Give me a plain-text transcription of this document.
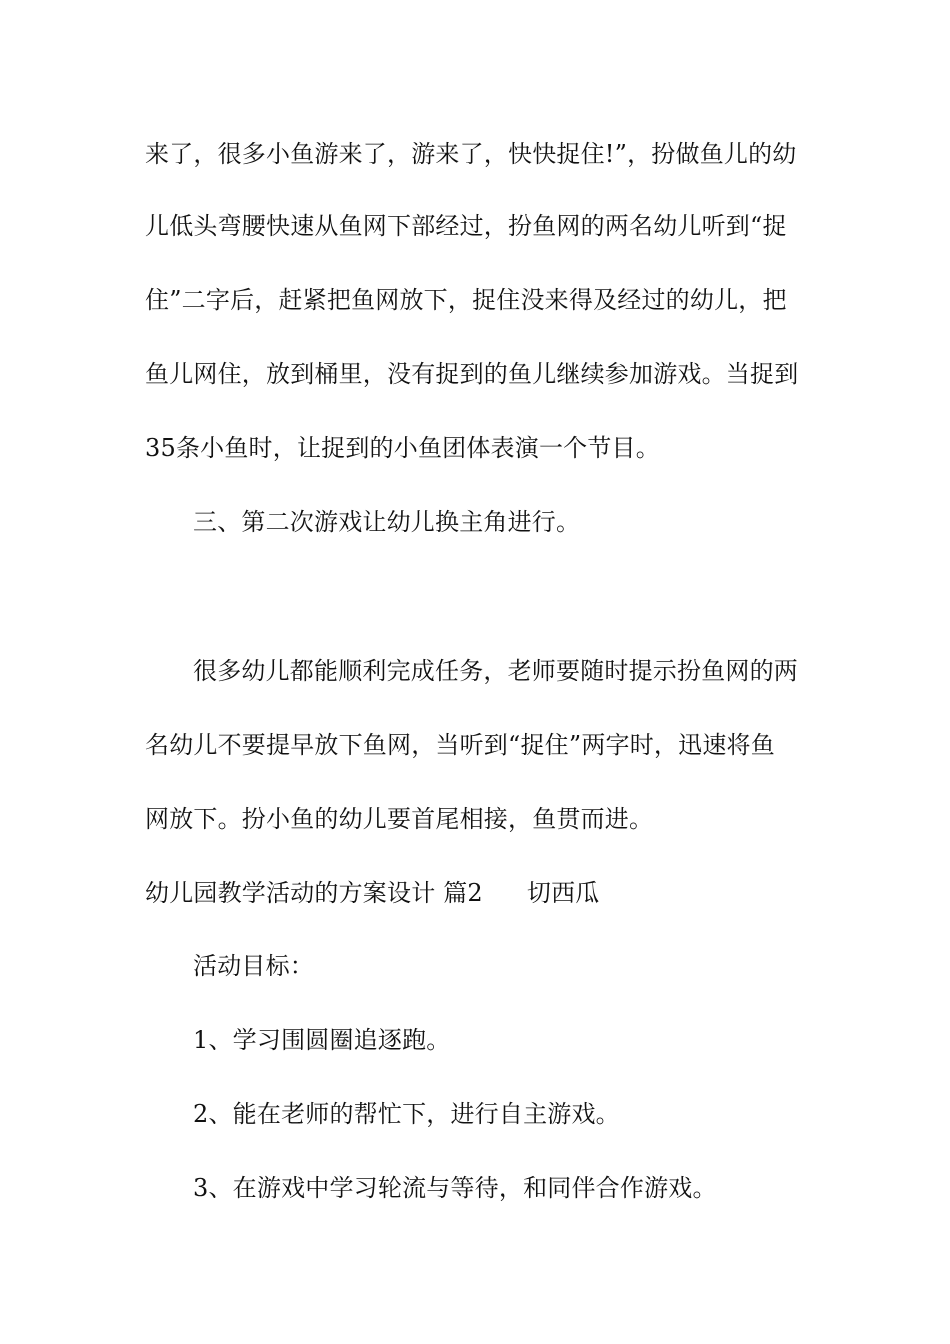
来了，很多小鱼游来了，游来了，快快捉住!”，扮做鱼儿的幼
儿低头弯腰快速从鱼网下部经过，扮鱼网的两名幼儿听到“捉
住”二字后，赶紧把鱼网放下，捉住没来得及经过的幼儿，把
鱼儿网住，放到桶里，没有捉到的鱼儿继续参加游戏。当捉到
35条小鱼时，让捉到的小鱼团体表演一个节目。
三、第二次游戏让幼儿换主角进行。
很多幼儿都能顺利完成任务，老师要随时提示扮鱼网的两
名幼儿不要提早放下鱼网，当听到“捉住”两字时，迅速将鱼
网放下。扮小鱼的幼儿要首尾相接，鱼贯而进。
幼儿园教学活动的方案设计 篇2 切西瓜
活动目标：
1、学习围圆圈追逐跑。
2、能在老师的帮忙下，进行自主游戏。
3、在游戏中学习轮流与等待，和同伴合作游戏。
